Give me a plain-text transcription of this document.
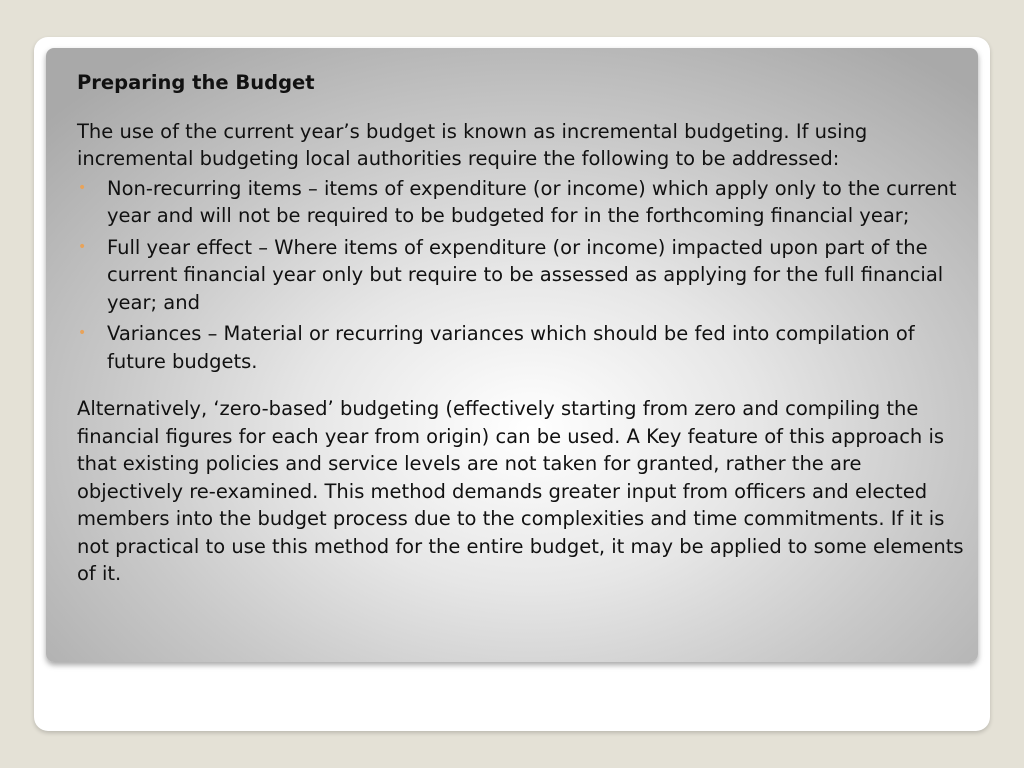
Preparing the Budget

The use of the current year’s budget is known as incremental budgeting. If using incremental budgeting local authorities require the following to be addressed:

• Non-recurring items – items of expenditure (or income) which apply only to the current year and will not be required to be budgeted for in the forthcoming financial year;
• Full year effect – Where items of expenditure (or income) impacted upon part of the current financial year only but require to be assessed as applying for the full financial year; and
• Variances – Material or recurring variances which should be fed into compilation of future budgets.

Alternatively, ‘zero-based’ budgeting (effectively starting from zero and compiling the financial figures for each year from origin) can be used. A Key feature of this approach is that existing policies and service levels are not taken for granted, rather the are objectively re-examined. This method demands greater input from officers and elected members into the budget process due to the complexities and time commitments. If it is not practical to use this method for the entire budget, it may be applied to some elements of it.
